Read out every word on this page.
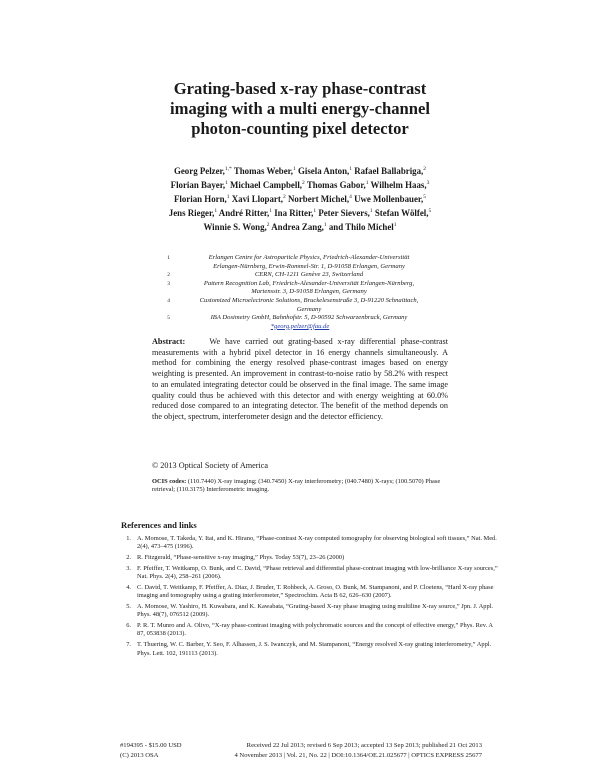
Grating-based x-ray phase-contrast
imaging with a multi energy-channel
photon-counting pixel detector
Georg Pelzer,$^{1,*}$ Thomas Weber,$^1$ Gisela Anton,$^1$ Rafael Ballabriga,$^2$
Florian Bayer,$^1$ Michael Campbell,$^2$ Thomas Gabor,$^1$ Wilhelm Haas,$^3$
Florian Horn,$^1$ Xavi Llopart,$^2$ Norbert Michel,$^4$ Uwe Mollenbauer,$^5$
Jens Rieger,$^1$ André Ritter,$^1$ Ina Ritter,$^1$ Peter Sievers,$^1$ Stefan Wölfel,$^5$
Winnie S. Wong,$^2$ Andrea Zang,$^1$ and Thilo Michel$^1$
$^1$	Erlangen Centre for Astroparticle Physics, Friedrich-Alexander-Universität
Erlangen-Nürnberg, Erwin-Rommel-Str. 1, D-91058 Erlangen, Germany
$^2$	CERN, CH-1211 Genève 23, Switzerland
$^3$	Pattern Recognition Lab, Friedrich-Alexander-Universität Erlangen-Nürnberg,
Martensstr. 3, D-91058 Erlangen, Germany
$^4$	Customized Microelectronic Solutions, Bruckelesenstraße 3, D-91220 Schnaittach,
Germany
$^5$	IBA Dosimetry GmbH, Bahnhofstr. 5, D-90592 Schwarzenbruck, Germany
*georg.pelzer@fau.de
Abstract:	We have carried out grating-based x-ray differential phase-contrast measurements with a hybrid pixel detector in 16 energy channels simultaneously. A method for combining the energy resolved phase-contrast images based on energy weighting is presented. An improvement in contrast-to-noise ratio by 58.2% with respect to an emulated integrating detector could be observed in the final image. The same image quality could thus be achieved with this detector and with energy weighting at 60.0% reduced dose compared to an integrating detector. The benefit of the method depends on the object, spectrum, interferometer design and the detector efficiency.
© 2013 Optical Society of America
OCIS codes: (110.7440) X-ray imaging; (340.7450) X-ray interferometry; (040.7480) X-rays; (100.5070) Phase retrieval; (110.3175) Interferometric imaging.
References and links
1. A. Momose, T. Takeda, Y. Itai, and K. Hirano, “Phase-contrast X-ray computed tomography for observing biological soft tissues,” Nat. Med. 2(4), 473–475 (1996).
2. R. Fitzgerald, “Phase-sensitive x-ray imaging,” Phys. Today 53(7), 23–26 (2000)
3. F. Pfeiffer, T. Weitkamp, O. Bunk, and C. David, “Phase retrieval and differential phase-contrast imaging with low-brilliance X-ray sources,” Nat. Phys. 2(4), 258–261 (2006).
4. C. David, T. Weitkamp, F. Pfeiffer, A. Diaz, J. Bruder, T. Rohbeck, A. Groso, O. Bunk, M. Stampanoni, and P. Cloetens, “Hard X-ray phase imaging and tomography using a grating interferometer,” Spectrochim. Acta B 62, 626–630 (2007).
5. A. Momose, W. Yashiro, H. Kuwabara, and K. Kawabata, “Grating-based X-ray phase imaging using multiline X-ray source,” Jpn. J. Appl. Phys. 48(7), 076512 (2009).
6. P. R. T. Munro and A. Olivo, “X-ray phase-contrast imaging with polychromatic sources and the concept of effective energy,” Phys. Rev. A 87, 053838 (2013).
7. T. Thuering, W. C. Barber, Y. Seo, F. Alhassen, J. S. Iwanczyk, and M. Stampanoni, “Energy resolved X-ray grating interferometry,” Appl. Phys. Lett. 102, 191113 (2013).
#194395 - $15.00 USD	Received 22 Jul 2013; revised 6 Sep 2013; accepted 13 Sep 2013; published 21 Oct 2013
(C) 2013 OSA	4 November 2013 | Vol. 21, No. 22 | DOI:10.1364/OE.21.025677 | OPTICS EXPRESS 25677
